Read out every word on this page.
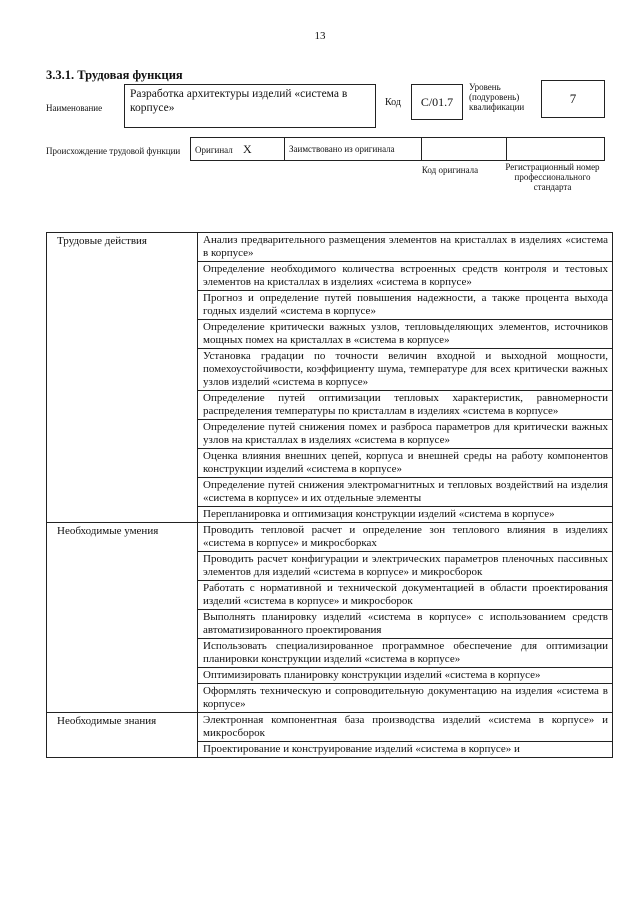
13
3.3.1. Трудовая функция
Наименование
Разработка архитектуры изделий «система в корпусе»	Код	С/01.7
Уровень (подуровень) квалификации
7
Происхождение трудовой функции Оригинал X	Заимствовано из оригинала		
Код оригинала	Регистрационный номер профессионального стандарта
Трудовые действия	Анализ предварительного размещения элементов на кристаллах в изделиях «система в корпусе»
Определение необходимого количества встроенных средств контроля и тестовых элементов на кристаллах в изделиях «система в корпусе»
Прогноз и определение путей повышения надежности, а также процента выхода годных изделий «система в корпусе»
Определение критически важных узлов, тепловыделяющих элементов, источников мощных помех на кристаллах в «система в корпусе»
Установка градации по точности величин входной и выходной мощности, помехоустойчивости, коэффициенту шума, температуре для всех критически важных узлов изделий «система в корпусе»
Определение путей оптимизации тепловых характеристик, равномерности распределения температуры по кристаллам в изделиях «система в корпусе»
Определение путей снижения помех и разброса параметров для критически важных узлов на кристаллах в изделиях «система в корпусе»
Оценка влияния внешних цепей, корпуса и внешней среды на работу компонентов конструкции изделий «система в корпусе»
Определение путей снижения электромагнитных и тепловых воздействий на изделия «система в корпусе» и их отдельные элементы
Перепланировка и оптимизация конструкции изделий «система в корпусе»
Необходимые умения	Проводить тепловой расчет и определение зон теплового влияния в изделиях «система в корпусе» и микросборках
Проводить расчет конфигурации и электрических параметров пленочных пассивных элементов для изделий «система в корпусе» и микросборок
Работать с нормативной и технической документацией в области проектирования изделий «система в корпусе» и микросборок
Выполнять планировку изделий «система в корпусе» с использованием средств автоматизированного проектирования
Использовать специализированное программное обеспечение для оптимизации планировки конструкции изделий «система в корпусе»
Оптимизировать планировку конструкции изделий «система в корпусе»
Оформлять техническую и сопроводительную документацию на изделия «система в корпусе»
Необходимые знания	Электронная компонентная база производства изделий «система в корпусе» и микросборок
Проектирование и конструирование изделий «система в корпусе» и
